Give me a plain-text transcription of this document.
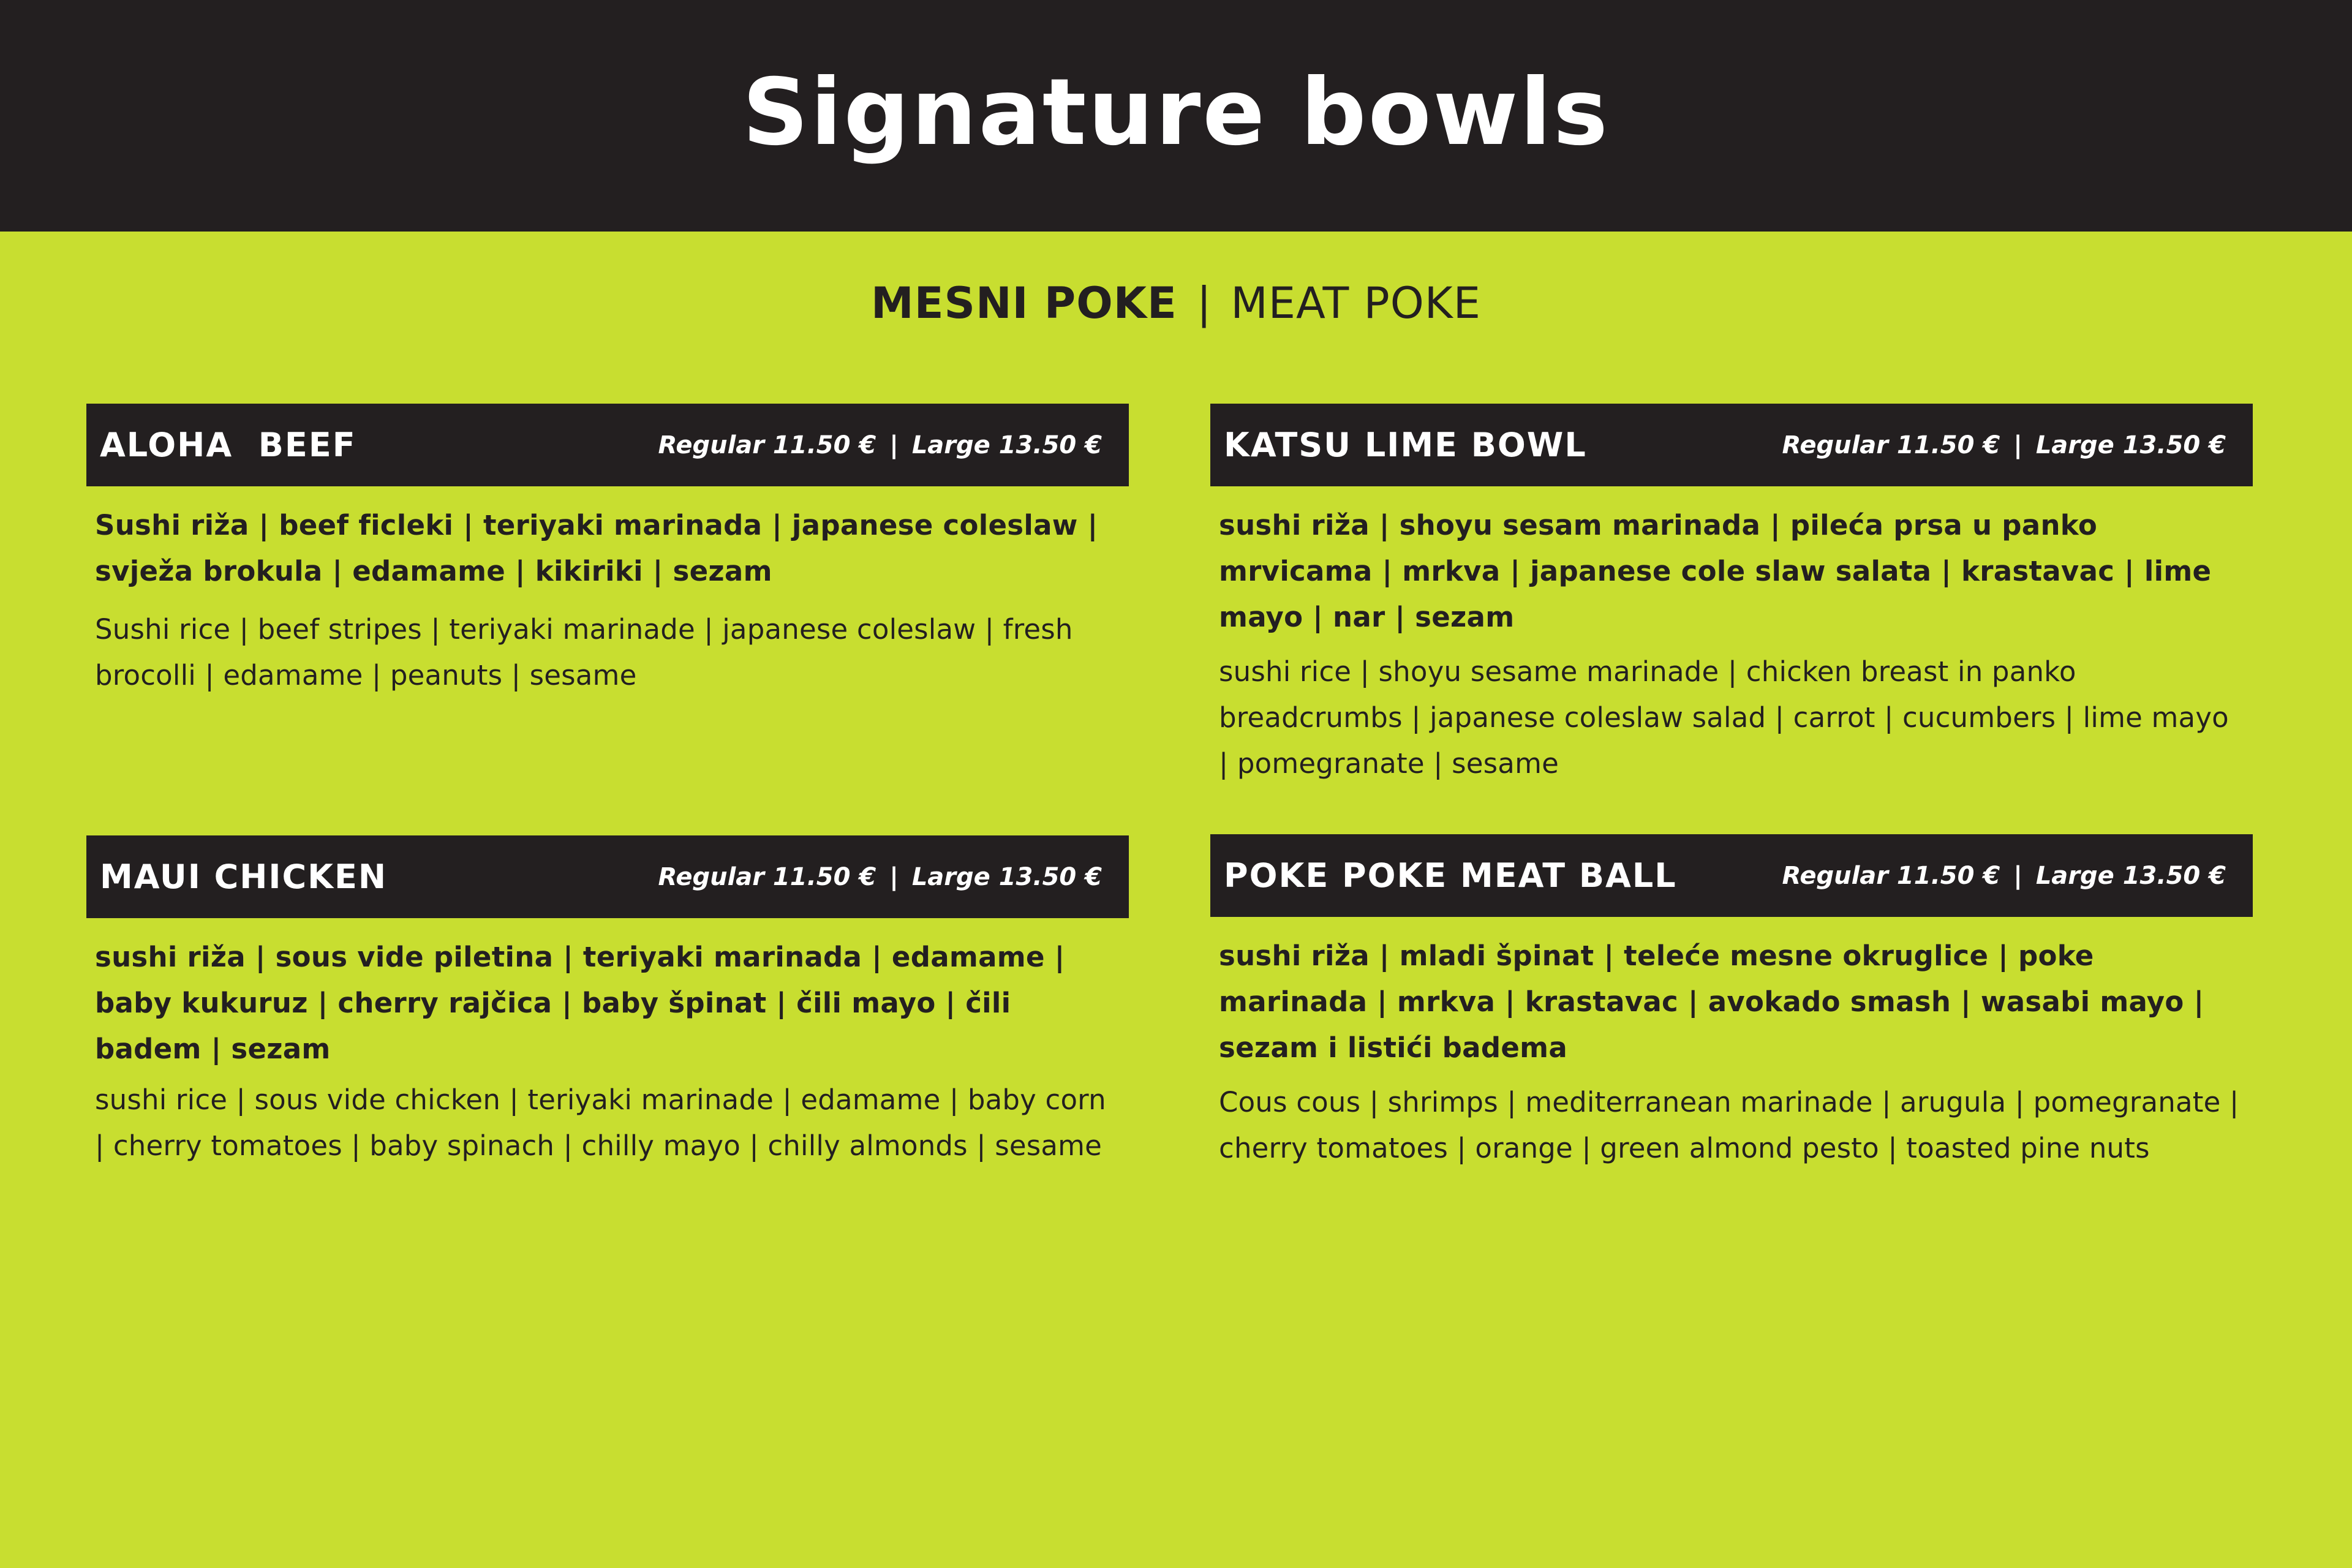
Signature bowls
MESNI POKE | MEAT POKE
ALOHA  BEEF	Regular 11.50 € | Large 13.50 €

Sushi riža | beef ficleki | teriyaki marinada | japanese coleslaw | svježa brokula | edamame | kikiriki | sezam

Sushi rice | beef stripes | teriyaki marinade | japanese coleslaw | fresh brocolli | edamame | peanuts | sesame

KATSU LIME BOWL	Regular 11.50 € | Large 13.50 €

sushi riža | shoyu sesam marinada | pileća prsa u panko mrvicama | mrkva | japanese cole slaw salata | krastavac | lime mayo | nar | sezam

sushi rice | shoyu sesame marinade | chicken breast in panko breadcrumbs | japanese coleslaw salad | carrot | cucumbers | lime mayo | pomegranate | sesame

MAUI CHICKEN	Regular 11.50 € | Large 13.50 €

sushi riža | sous vide piletina | teriyaki marinada | edamame | baby kukuruz | cherry rajčica | baby špinat | čili mayo | čili badem | sezam

sushi rice | sous vide chicken | teriyaki marinade | edamame | baby corn | cherry tomatoes | baby spinach | chilly mayo | chilly almonds | sesame

POKE POKE MEAT BALL	Regular 11.50 € | Large 13.50 €

sushi riža | mladi špinat | teleće mesne okruglice | poke marinada | mrkva | krastavac | avokado smash | wasabi mayo | sezam i listići badema

Cous cous | shrimps | mediterranean marinade | arugula | pomegranate | cherry tomatoes | orange | green almond pesto | toasted pine nuts
